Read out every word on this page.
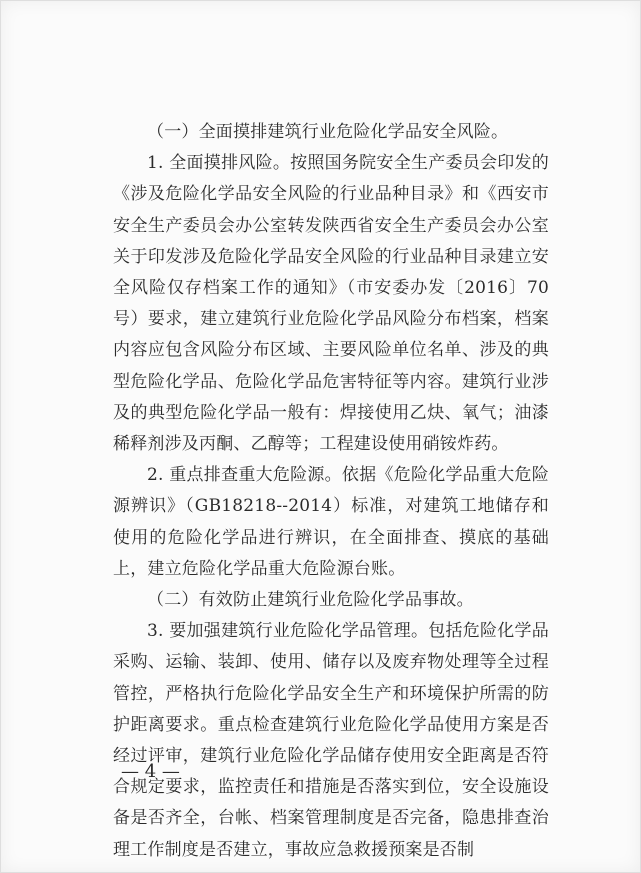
（一）全面摸排建筑行业危险化学品安全风险。

1. 全面摸排风险。按照国务院安全生产委员会印发的《涉及危险化学品安全风险的行业品种目录》和《西安市安全生产委员会办公室转发陕西省安全生产委员会办公室关于印发涉及危险化学品安全风险的行业品种目录建立安全风险仅存档案工作的通知》（市安委办发〔2016〕70号）要求，建立建筑行业危险化学品风险分布档案，档案内容应包含风险分布区域、主要风险单位名单、涉及的典型危险化学品、危险化学品危害特征等内容。建筑行业涉及的典型危险化学品一般有：焊接使用乙炔、氧气；油漆稀释剂涉及丙酮、乙醇等；工程建设使用硝铵炸药。

2. 重点排查重大危险源。依据《危险化学品重大危险源辨识》（GB18218--2014）标准，对建筑工地储存和使用的危险化学品进行辨识，在全面排查、摸底的基础上，建立危险化学品重大危险源台账。

（二）有效防止建筑行业危险化学品事故。

3. 要加强建筑行业危险化学品管理。包括危险化学品采购、运输、装卸、使用、储存以及废弃物处理等全过程管控，严格执行危险化学品安全生产和环境保护所需的防护距离要求。重点检查建筑行业危险化学品使用方案是否经过评审，建筑行业危险化学品储存使用安全距离是否符合规定要求，监控责任和措施是否落实到位，安全设施设备是否齐全，台帐、档案管理制度是否完备，隐患排查治理工作制度是否建立，事故应急救援预案是否制

— 4 —
